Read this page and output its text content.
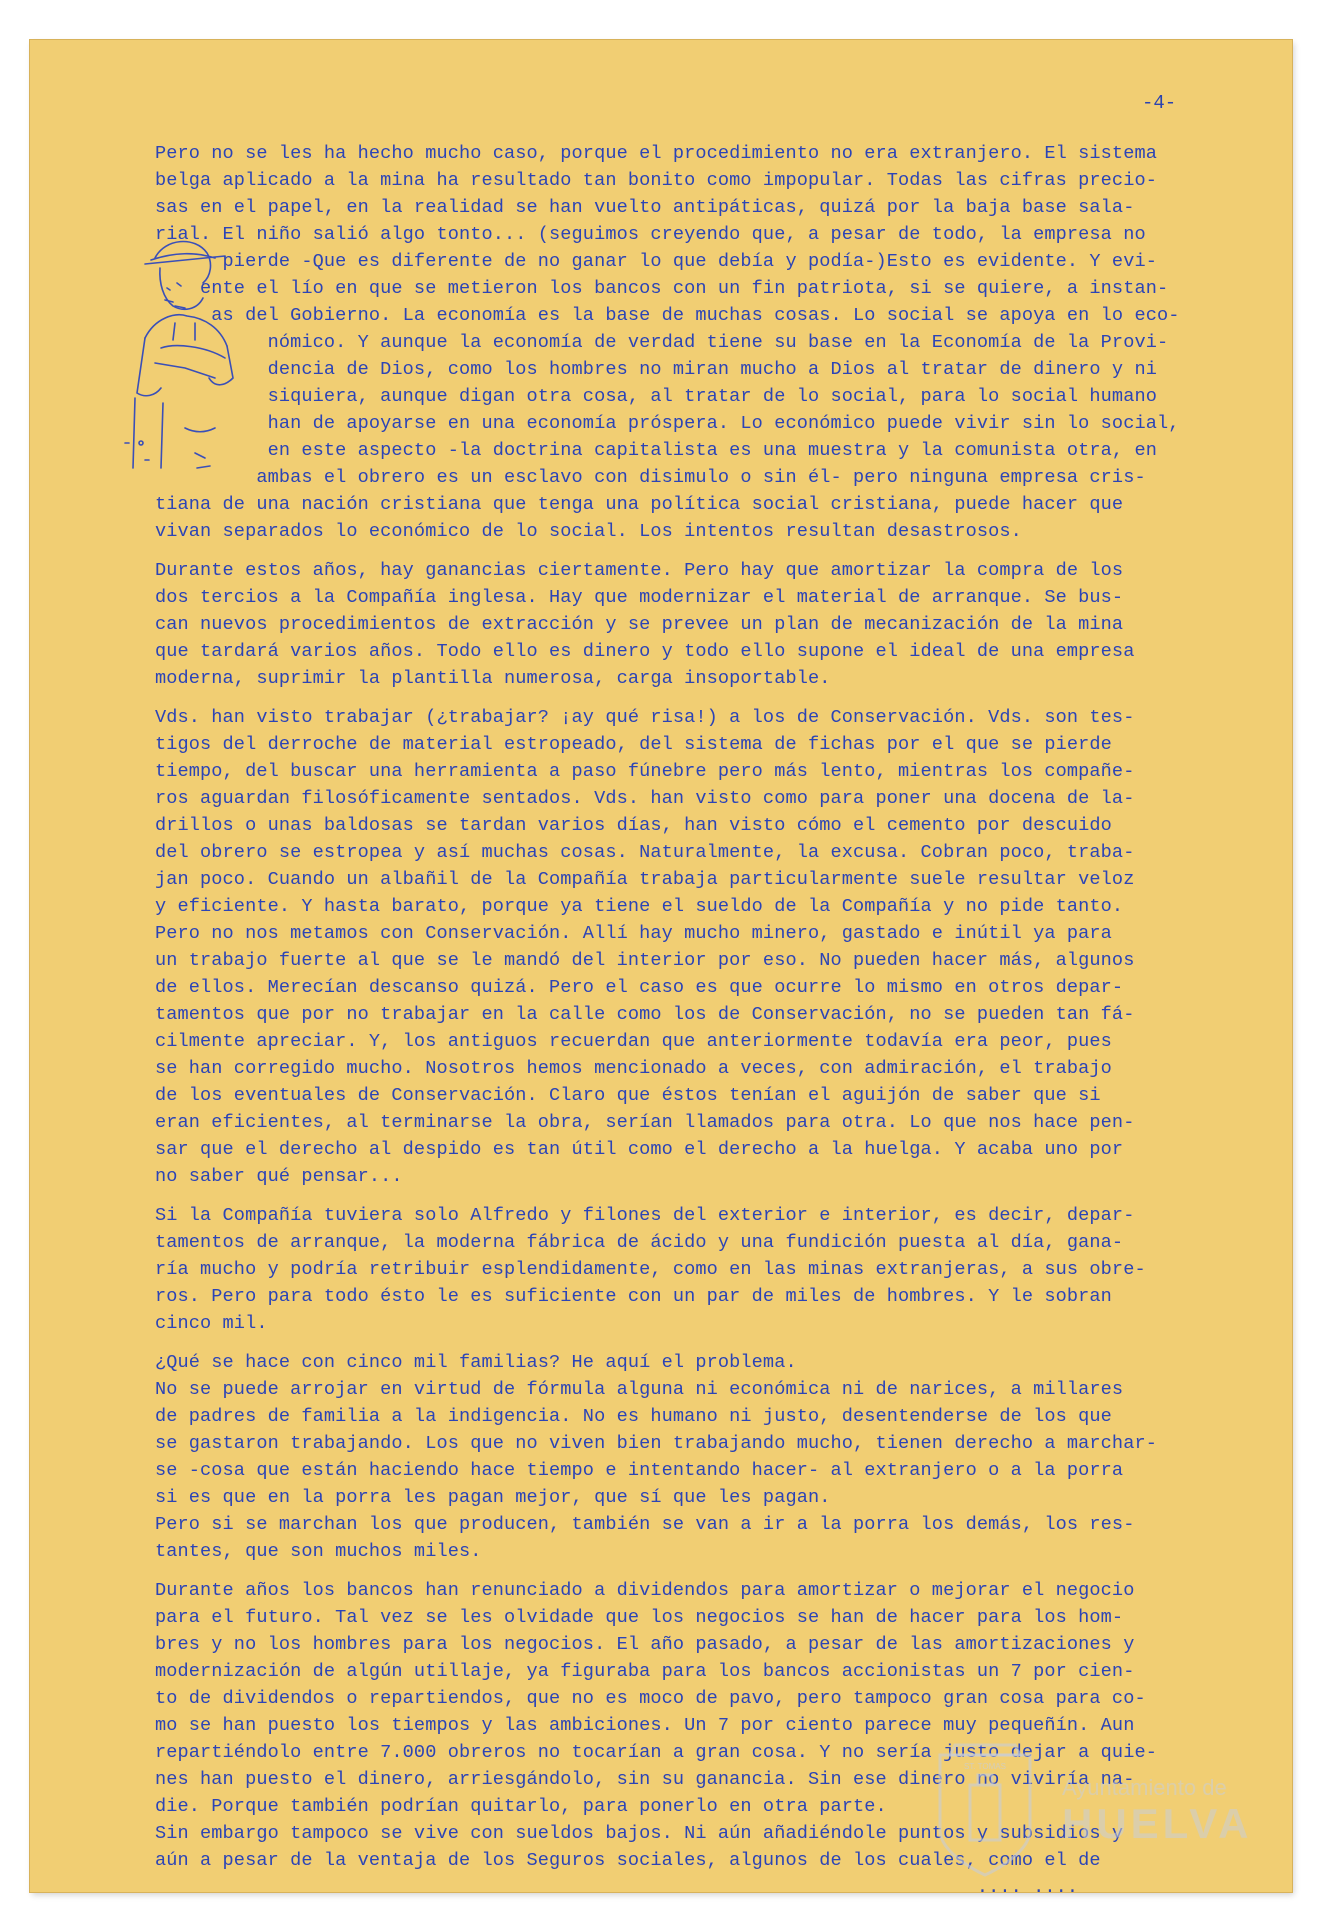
-4-
Pero no se les ha hecho mucho caso, porque el procedimiento no era extranjero. El sistema
belga aplicado a la mina ha resultado tan bonito como impopular. Todas las cifras precio-
sas en el papel, en la realidad se han vuelto antipáticas, quizá por la baja base sala-
rial. El niño salió algo tonto... (seguimos creyendo que, a pesar de todo, la empresa no
pierde -Que es diferente de no ganar lo que debía y podía-)Esto es evidente. Y evi-
ente el lío en que se metieron los bancos con un fin patriota, si se quiere, a instan-
as del Gobierno. La economía es la base de muchas cosas. Lo social se apoya en lo eco-
nómico. Y aunque la economía de verdad tiene su base en la Economía de la Provi-
dencia de Dios, como los hombres no miran mucho a Dios al tratar de dinero y ni
siquiera, aunque digan otra cosa, al tratar de lo social, para lo social humano
han de apoyarse en una economía próspera. Lo económico puede vivir sin lo social,
en este aspecto -la doctrina capitalista es una muestra y la comunista otra, en
ambas el obrero es un esclavo con disimulo o sin él- pero ninguna empresa cris-
tiana de una nación cristiana que tenga una política social cristiana, puede hacer que
vivan separados lo económico de lo social. Los intentos resultan desastrosos.
Durante estos años, hay ganancias ciertamente. Pero hay que amortizar la compra de los
dos tercios a la Compañía inglesa. Hay que modernizar el material de arranque. Se bus-
can nuevos procedimientos de extracción y se prevee un plan de mecanización de la mina
que tardará varios años. Todo ello es dinero y todo ello supone el ideal de una empresa
moderna, suprimir la plantilla numerosa, carga insoportable.
Vds. han visto trabajar (¿trabajar? ¡ay qué risa!) a los de Conservación. Vds. son tes-
tigos del derroche de material estropeado, del sistema de fichas por el que se pierde
tiempo, del buscar una herramienta a paso fúnebre pero más lento, mientras los compañe-
ros aguardan filosóficamente sentados. Vds. han visto como para poner una docena de la-
drillos o unas baldosas se tardan varios días, han visto cómo el cemento por descuido
del obrero se estropea y así muchas cosas. Naturalmente, la excusa. Cobran poco, traba-
jan poco. Cuando un albañil de la Compañía trabaja particularmente suele resultar veloz
y eficiente. Y hasta barato, porque ya tiene el sueldo de la Compañía y no pide tanto.
Pero no nos metamos con Conservación. Allí hay mucho minero, gastado e inútil ya para
un trabajo fuerte al que se le mandó del interior por eso. No pueden hacer más, algunos
de ellos. Merecían descanso quizá. Pero el caso es que ocurre lo mismo en otros depar-
tamentos que por no trabajar en la calle como los de Conservación, no se pueden tan fá-
cilmente apreciar. Y, los antiguos recuerdan que anteriormente todavía era peor, pues
se han corregido mucho. Nosotros hemos mencionado a veces, con admiración, el trabajo
de los eventuales de Conservación. Claro que éstos tenían el aguijón de saber que si
eran eficientes, al terminarse la obra, serían llamados para otra. Lo que nos hace pen-
sar que el derecho al despido es tan útil como el derecho a la huelga. Y acaba uno por
no saber qué pensar...
Si la Compañía tuviera solo Alfredo y filones del exterior e interior, es decir, depar-
tamentos de arranque, la moderna fábrica de ácido y una fundición puesta al día, gana-
ría mucho y podría retribuir esplendidamente, como en las minas extranjeras, a sus obre-
ros. Pero para todo ésto le es suficiente con un par de miles de hombres. Y le sobran
cinco mil.
¿Qué se hace con cinco mil familias? He aquí el problema.
No se puede arrojar en virtud de fórmula alguna ni económica ni de narices, a millares
de padres de familia a la indigencia. No es humano ni justo, desentenderse de los que
se gastaron trabajando. Los que no viven bien trabajando mucho, tienen derecho a marchar-
se -cosa que están haciendo hace tiempo e intentando hacer- al extranjero o a la porra
si es que en la porra les pagan mejor, que sí que les pagan.
Pero si se marchan los que producen, también se van a ir a la porra los demás, los res-
tantes, que son muchos miles.
Durante años los bancos han renunciado a dividendos para amortizar o mejorar el negocio
para el futuro. Tal vez se les olvidade que los negocios se han de hacer para los hom-
bres y no los hombres para los negocios. El año pasado, a pesar de las amortizaciones y
modernización de algún utillaje, ya figuraba para los bancos accionistas un 7 por cien-
to de dividendos o repartiendos, que no es moco de pavo, pero tampoco gran cosa para co-
mo se han puesto los tiempos y las ambiciones. Un 7 por ciento parece muy pequeñín. Aun
repartiéndolo entre 7.000 obreros no tocarían a gran cosa. Y no sería justo dejar a quie-
nes han puesto el dinero, arriesgándolo, sin su ganancia. Sin ese dinero no viviría na-
die. Porque también podrían quitarlo, para ponerlo en otra parte.
Sin embargo tampoco se vive con sueldos bajos. Ni aún añadiéndole puntos y subsidios y
aún a pesar de la ventaja de los Seguros sociales, algunos de los cuales, como el de
.... ....
ST. TOMAS
Ayuntamiento de
HUELVA
